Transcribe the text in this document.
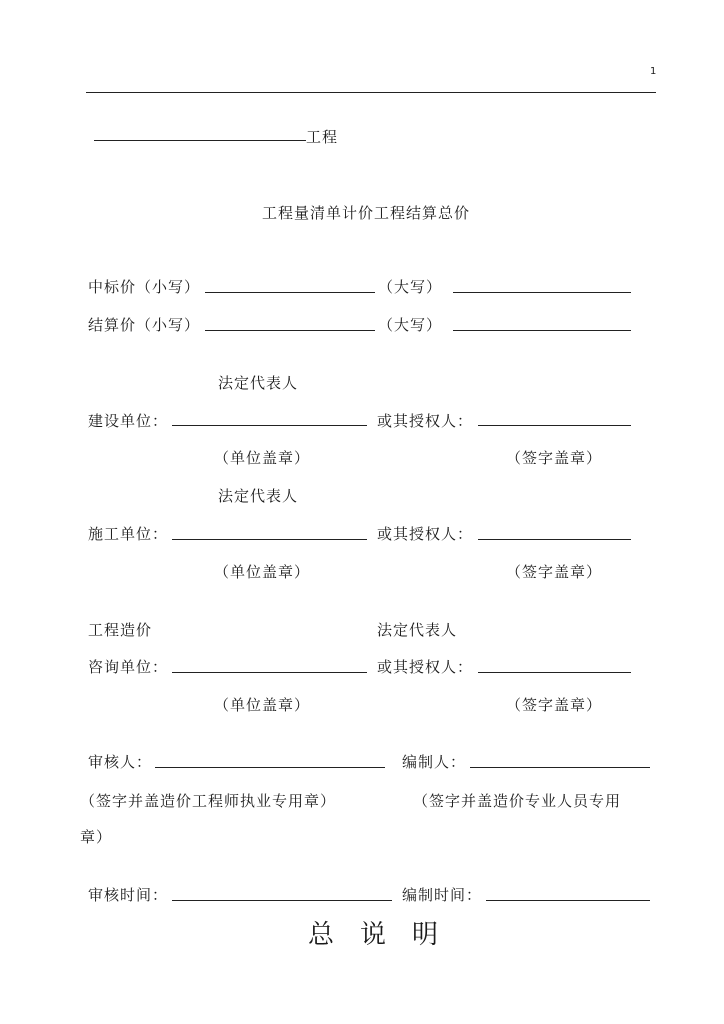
1
工程
工程量清单计价工程结算总价
中标价（小写）	（大写）
结算价（小写）	（大写）
法定代表人
建设单位：	或其授权人：
（单位盖章）	（签字盖章）
法定代表人
施工单位：	或其授权人：
（单位盖章）	（签字盖章）
工程造价	法定代表人
咨询单位：	或其授权人：
（单位盖章）	（签字盖章）
审核人：	编制人：
（签字并盖造价工程师执业专用章）	（签字并盖造价专业人员专用
章）
审核时间：	编制时间：
总说明
